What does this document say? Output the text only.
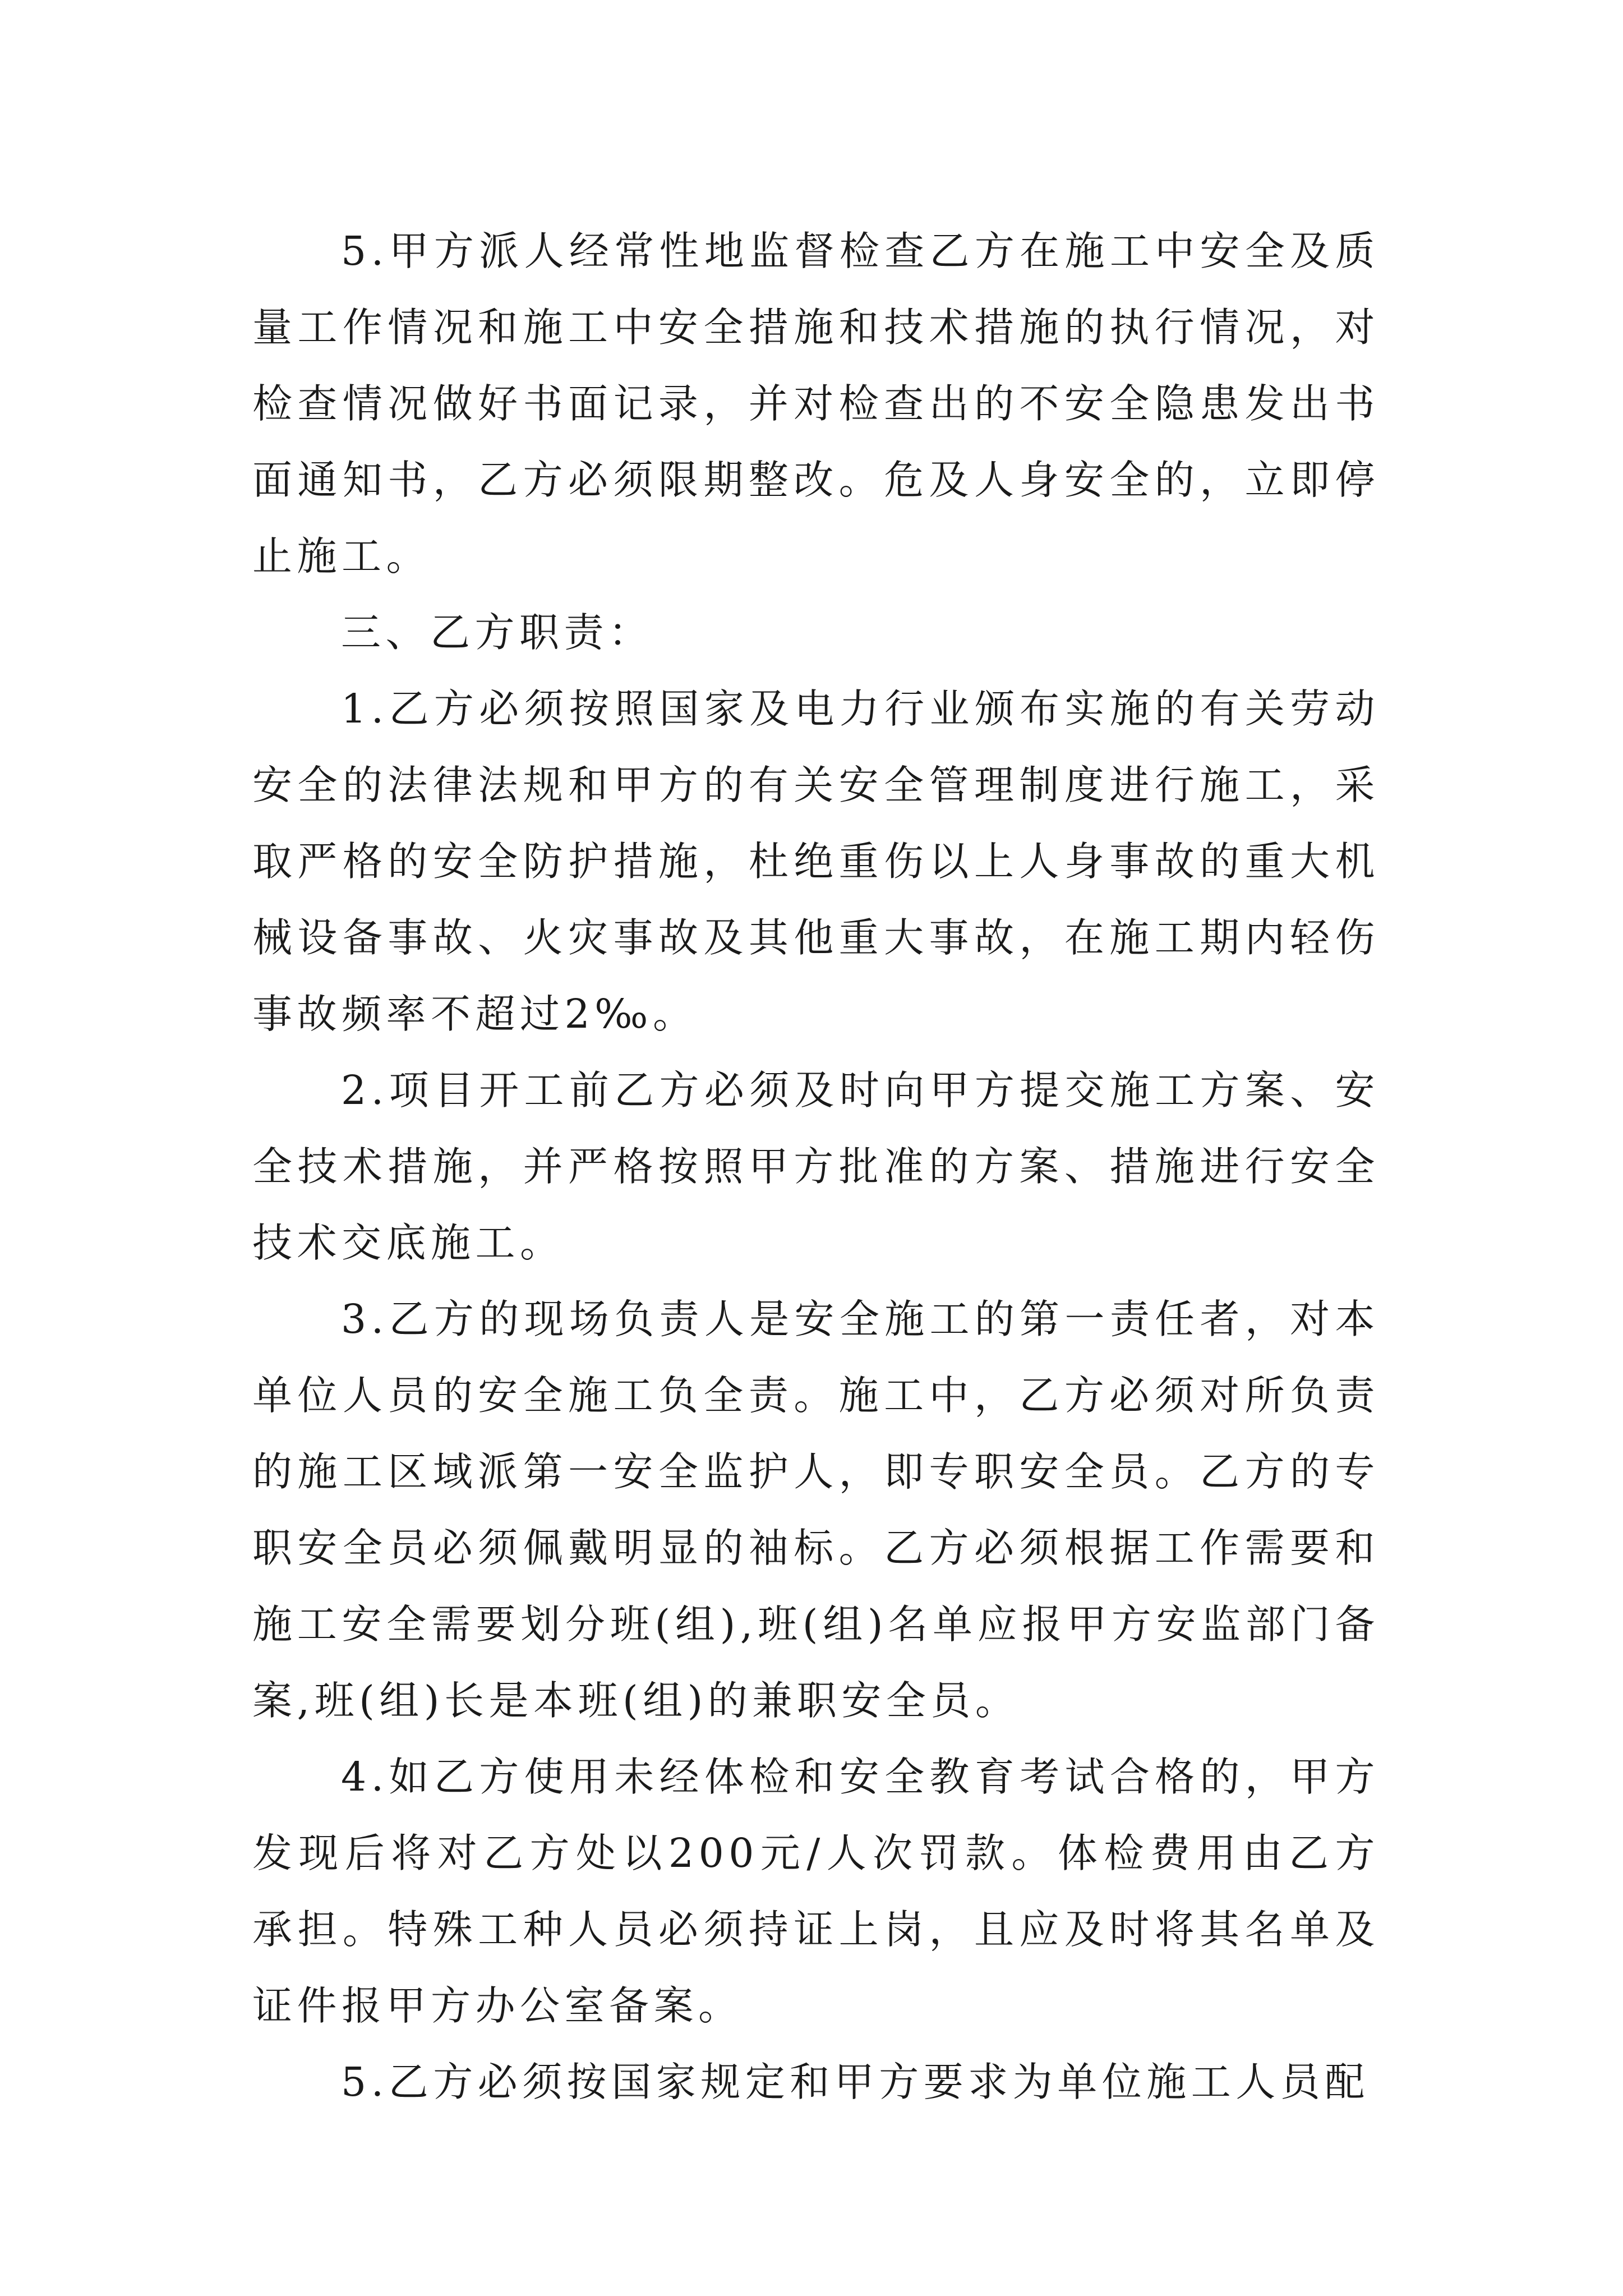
5.甲方派人经常性地监督检查乙方在施工中安全及质量工作情况和施工中安全措施和技术措施的执行情况，对检查情况做好书面记录，并对检查出的不安全隐患发出书面通知书，乙方必须限期整改。危及人身安全的，立即停止施工。

三、乙方职责：

1.乙方必须按照国家及电力行业颁布实施的有关劳动安全的法律法规和甲方的有关安全管理制度进行施工，采取严格的安全防护措施，杜绝重伤以上人身事故的重大机械设备事故、火灾事故及其他重大事故，在施工期内轻伤事故频率不超过2‰。

2.项目开工前乙方必须及时向甲方提交施工方案、安全技术措施，并严格按照甲方批准的方案、措施进行安全技术交底施工。

3.乙方的现场负责人是安全施工的第一责任者，对本单位人员的安全施工负全责。施工中，乙方必须对所负责的施工区域派第一安全监护人，即专职安全员。乙方的专职安全员必须佩戴明显的袖标。乙方必须根据工作需要和施工安全需要划分班(组),班(组)名单应报甲方安监部门备案,班(组)长是本班(组)的兼职安全员。

4.如乙方使用未经体检和安全教育考试合格的，甲方发现后将对乙方处以200元/人次罚款。体检费用由乙方承担。特殊工种人员必须持证上岗，且应及时将其名单及证件报甲方办公室备案。

5.乙方必须按国家规定和甲方要求为单位施工人员配
